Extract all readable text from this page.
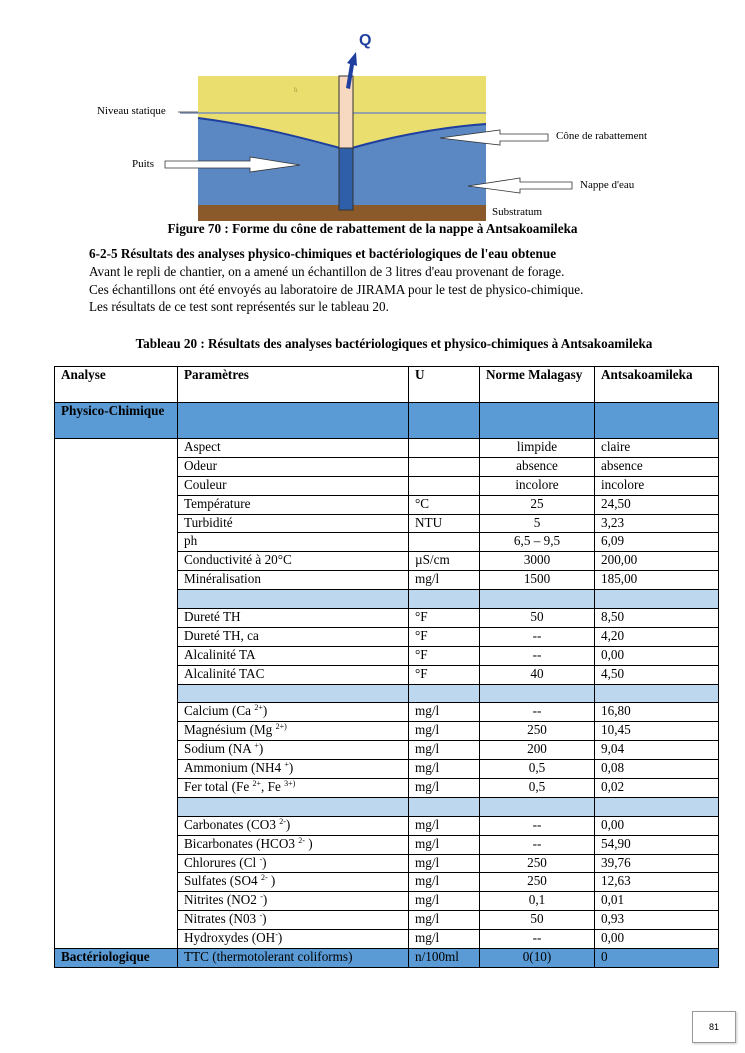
Q
h
Niveau statique
Puits
Cône de rabattement
Nappe d'eau
Substratum
Figure 70 : Forme du cône de rabattement de la nappe à Antsakoamileka
6-2-5 Résultats des analyses physico-chimiques et bactériologiques de l'eau obtenue
Avant le repli de chantier, on a amené un échantillon de 3 litres d'eau provenant de forage.
Ces échantillons ont été envoyés au laboratoire de JIRAMA pour le test de physico-chimique.
Les résultats de ce test sont représentés sur le tableau 20.
Tableau 20 : Résultats des analyses bactériologiques et physico-chimiques à Antsakoamileka
Analyse	Paramètres	U	Norme Malagasy	Antsakoamileka
Physico-Chimique				
	Aspect		limpide	claire
	Odeur		absence	absence
	Couleur		incolore	incolore
	Température	°C	25	24,50
	Turbidité	NTU	5	3,23
	ph		6,5 – 9,5	6,09
	Conductivité à 20°C	µS/cm	3000	200,00
	Minéralisation	mg/l	1500	185,00

	Dureté TH	°F	50	8,50
	Dureté TH, ca	°F	--	4,20
	Alcalinité TA	°F	--	0,00
	Alcalinité TAC	°F	40	4,50

	Calcium (Ca $^{2+}$)	mg/l	--	16,80
	Magnésium (Mg $^{2+)}$	mg/l	250	10,45
	Sodium (NA +)	mg/l	200	9,04
	Ammonium (NH4 +)	mg/l	0,5	0,08
	Fer total (Fe $^{2+}$, Fe $^{3+)}$	mg/l	0,5	0,02

	Carbonates (CO3 $^{2-}$)	mg/l	--	0,00
	Bicarbonates (HCO3 $^{2-}$ )	mg/l	--	54,90
	Chlorures (Cl -)	mg/l	250	39,76
	Sulfates (SO4 $^{2-}$ )	mg/l	250	12,63
	Nitrites (NO2 -)	mg/l	0,1	0,01
	Nitrates (N03 -)	mg/l	50	0,93
	Hydroxydes (OH-)	mg/l	--	0,00
Bactériologique	TTC (thermotolerant coliforms)	n/100ml	0(10)	0
81
